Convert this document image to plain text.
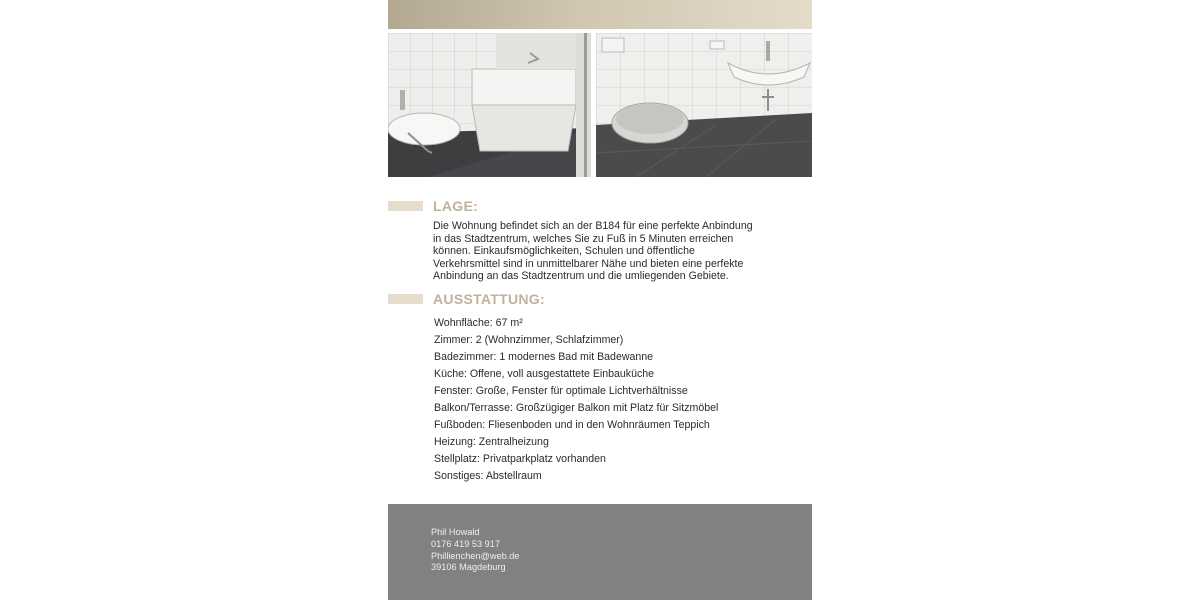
LAGE:
Die Wohnung befindet sich an der B184 für eine perfekte Anbindung in das Stadtzentrum, welches Sie zu Fuß in 5 Minuten erreichen können. Einkaufsmöglichkeiten, Schulen und öffentliche Verkehrsmittel sind in unmittelbarer Nähe und bieten eine perfekte Anbindung an das Stadtzentrum und die umliegenden Gebiete.
AUSSTATTUNG:
Wohnfläche: 67 m²
Zimmer: 2 (Wohnzimmer, Schlafzimmer)
Badezimmer: 1 modernes Bad mit Badewanne
Küche: Offene, voll ausgestattete Einbauküche
Fenster: Große, Fenster für optimale Lichtverhältnisse
Balkon/Terrasse: Großzügiger Balkon mit Platz für Sitzmöbel
Fußboden: Fliesenboden und in den Wohnräumen Teppich
Heizung: Zentralheizung
Stellplatz: Privatparkplatz vorhanden
Sonstiges: Abstellraum
Phil Howald
0176 419 53 917
Phillienchen@web.de
39106 Magdeburg
